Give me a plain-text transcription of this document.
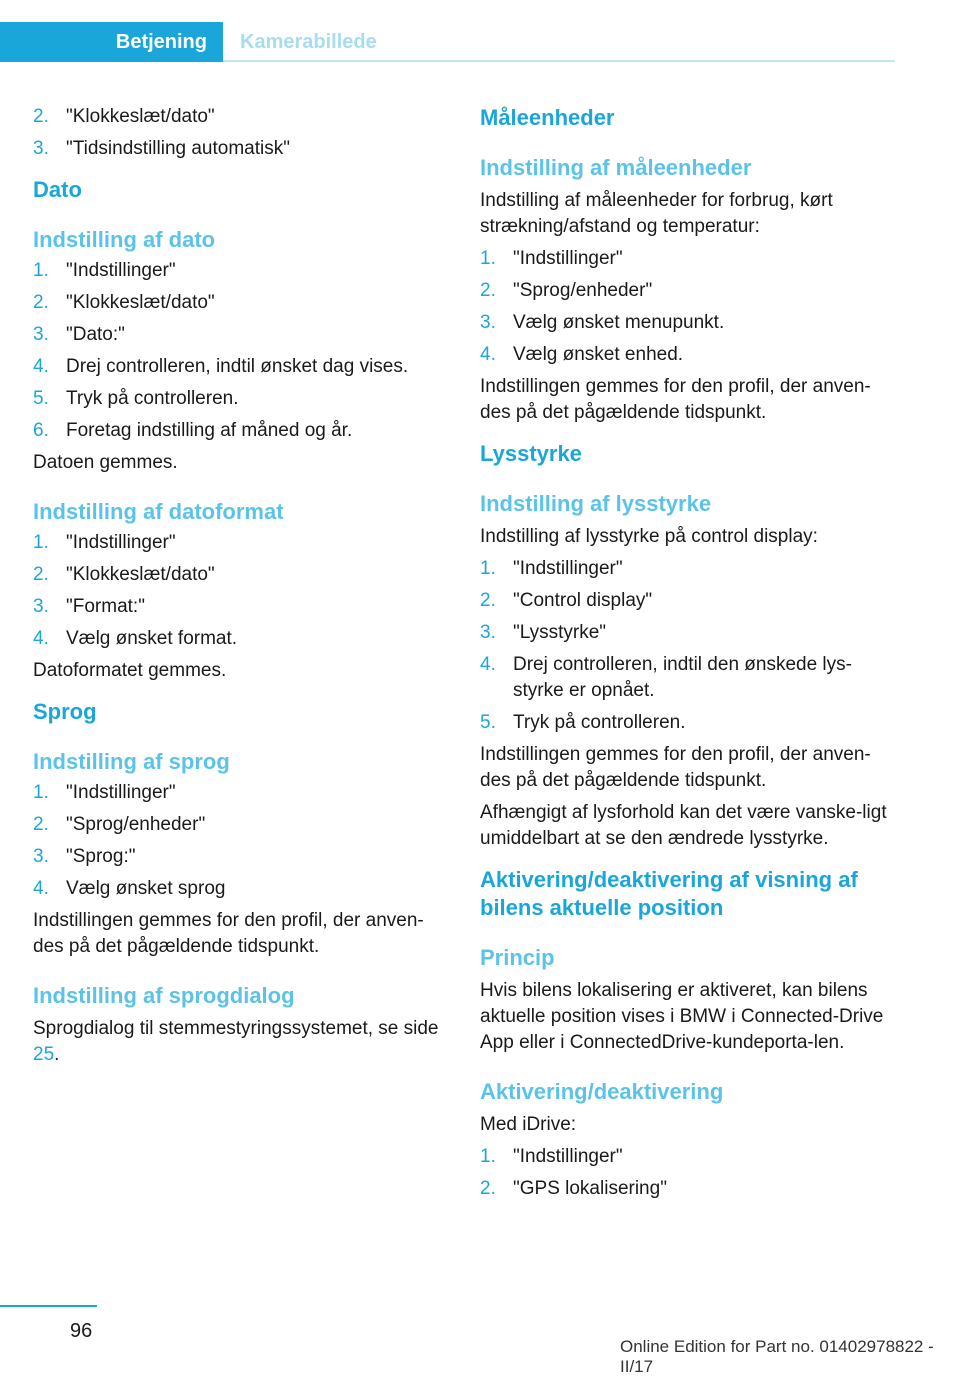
Betjening	Kamerabillede
2. "Klokkeslæt/dato"
3. "Tidsindstilling automatisk"
Dato
Indstilling af dato
1. "Indstillinger"
2. "Klokkeslæt/dato"
3. "Dato:"
4. Drej controlleren, indtil ønsket dag vises.
5. Tryk på controlleren.
6. Foretag indstilling af måned og år.

Datoen gemmes.

Indstilling af datoformat
1. "Indstillinger"
2. "Klokkeslæt/dato"
3. "Format:"
4. Vælg ønsket format.

Datoformatet gemmes.

Sprog
Indstilling af sprog
1. "Indstillinger"
2. "Sprog/enheder"
3. "Sprog:"
4. Vælg ønsket sprog

Indstillingen gemmes for den profil, der anven-des på det pågældende tidspunkt.

Indstilling af sprogdialog

Sprogdialog til stemmestyringssystemet, se side 25.

Måleenheder
Indstilling af måleenheder

Indstilling af måleenheder for forbrug, kørt strækning/afstand og temperatur:

1. "Indstillinger"
2. "Sprog/enheder"
3. Vælg ønsket menupunkt.
4. Vælg ønsket enhed.

Indstillingen gemmes for den profil, der anven-des på det pågældende tidspunkt.

Lysstyrke
Indstilling af lysstyrke

Indstilling af lysstyrke på control display:

1. "Indstillinger"
2. "Control display"
3. "Lysstyrke"
4. Drej controlleren, indtil den ønskede lys-styrke er opnået.
5. Tryk på controlleren.

Indstillingen gemmes for den profil, der anven-des på det pågældende tidspunkt.

Afhængigt af lysforhold kan det være vanske-ligt umiddelbart at se den ændrede lysstyrke.

Aktivering/deaktivering af visning af bilens aktuelle position
Princip

Hvis bilens lokalisering er aktiveret, kan bilens aktuelle position vises i BMW i Connected-Drive App eller i ConnectedDrive-kundeporta-len.

Aktivering/deaktivering

Med iDrive:

1. "Indstillinger"
2. "GPS lokalisering"
96
Online Edition for Part no. 01402978822 - II/17
